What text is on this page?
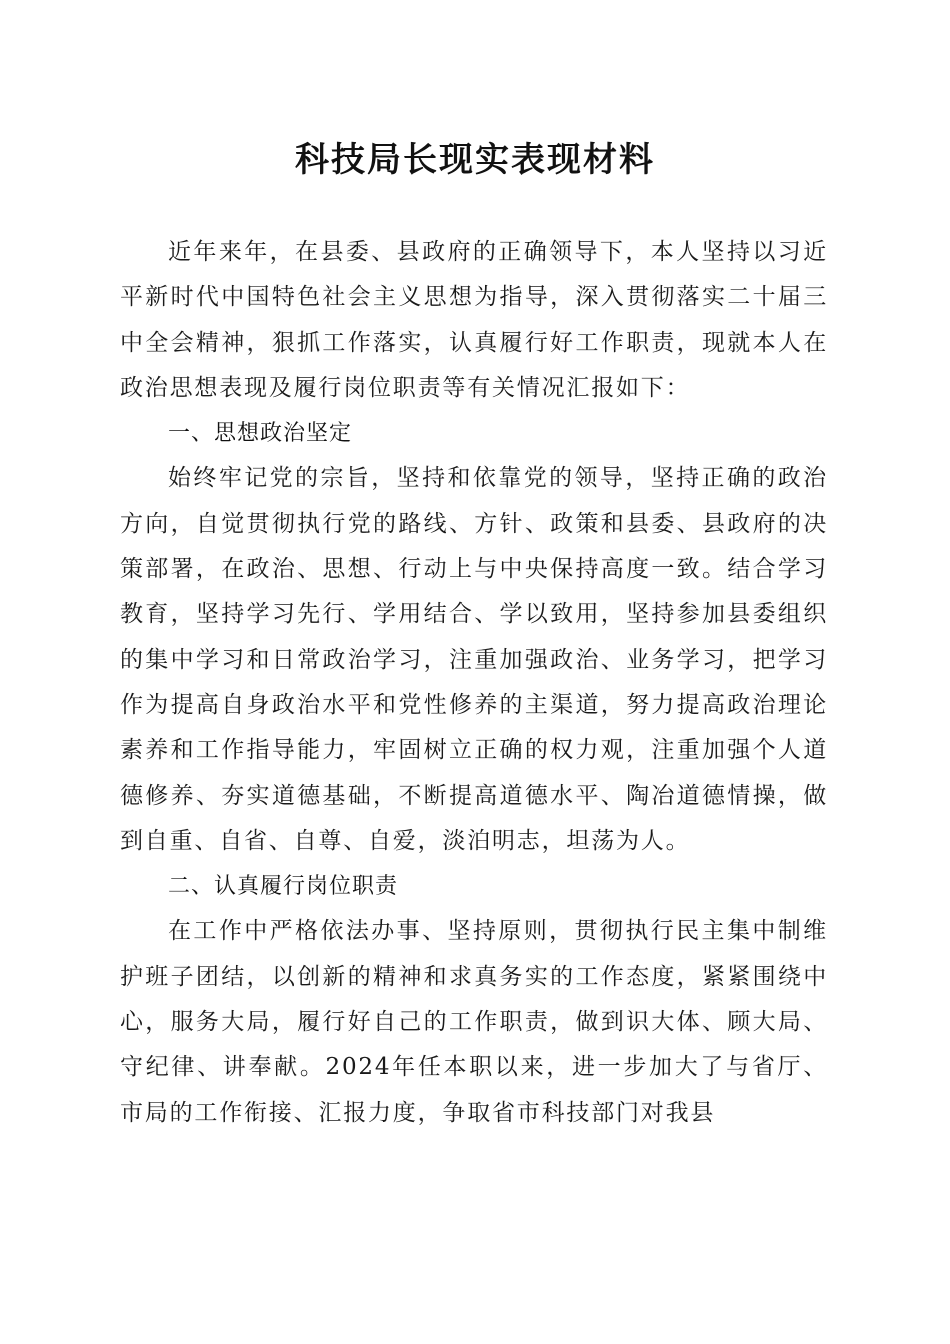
科技局长现实表现材料

近年来年，在县委、县政府的正确领导下，本人坚持以习近平新时代中国特色社会主义思想为指导，深入贯彻落实二十届三中全会精神，狠抓工作落实，认真履行好工作职责，现就本人在政治思想表现及履行岗位职责等有关情况汇报如下：

一、思想政治坚定

始终牢记党的宗旨，坚持和依靠党的领导，坚持正确的政治方向，自觉贯彻执行党的路线、方针、政策和县委、县政府的决策部署，在政治、思想、行动上与中央保持高度一致。结合学习教育，坚持学习先行、学用结合、学以致用，坚持参加县委组织的集中学习和日常政治学习，注重加强政治、业务学习，把学习作为提高自身政治水平和党性修养的主渠道，努力提高政治理论素养和工作指导能力，牢固树立正确的权力观，注重加强个人道德修养、夯实道德基础，不断提高道德水平、陶冶道德情操，做到自重、自省、自尊、自爱，淡泊明志，坦荡为人。

二、认真履行岗位职责

在工作中严格依法办事、坚持原则，贯彻执行民主集中制维护班子团结，以创新的精神和求真务实的工作态度，紧紧围绕中心，服务大局，履行好自己的工作职责，做到识大体、顾大局、守纪律、讲奉献。2024年任本职以来，进一步加大了与省厅、市局的工作衔接、汇报力度，争取省市科技部门对我县
